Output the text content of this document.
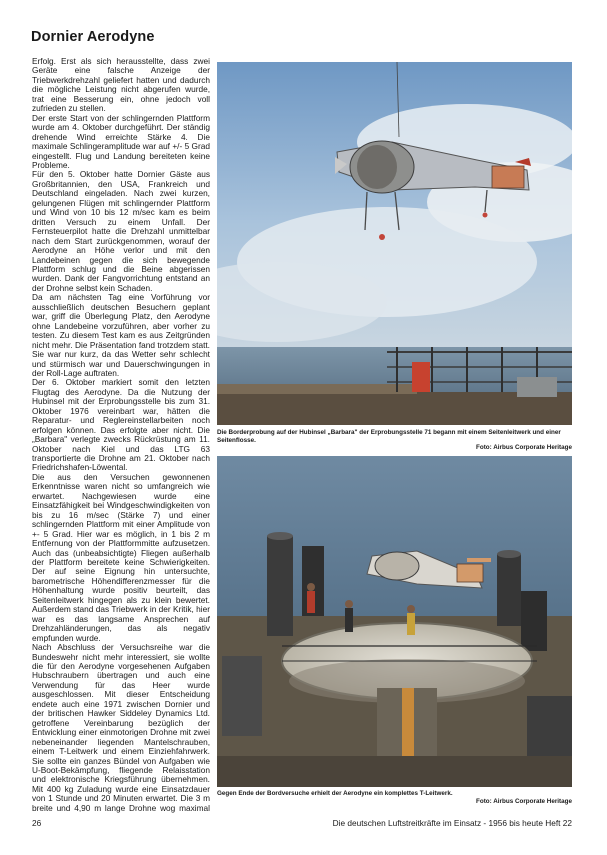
Dornier Aerodyne

Erfolg. Erst als sich herausstellte, dass zwei Geräte eine falsche Anzeige der Triebwerkdrehzahl geliefert hatten und dadurch die mögliche Leistung nicht abgerufen wurde, trat eine Besserung ein, ohne jedoch voll zufrieden zu stellen.

Der erste Start von der schlingernden Plattform wurde am 4. Oktober durchgeführt. Der ständig drehende Wind erreichte Stärke 4. Die maximale Schlingeramplitude war auf +/- 5 Grad eingestellt. Flug und Landung bereiteten keine Probleme.

Für den 5. Oktober hatte Dornier Gäste aus Großbritannien, den USA, Frankreich und Deutschland eingeladen. Nach zwei kurzen, gelungenen Flügen mit schlingernder Plattform und Wind von 10 bis 12 m/sec kam es beim dritten Versuch zu einem Unfall. Der Fernsteuerpilot hatte die Drehzahl unmittelbar nach dem Start zurückgenommen, worauf der Aerodyne an Höhe verlor und mit den Landebeinen gegen die sich bewegende Plattform schlug und die Beine abgerissen wurden. Dank der Fangvorrichtung entstand an der Drohne selbst kein Schaden.

Da am nächsten Tag eine Vorführung vor ausschließlich deutschen Besuchern geplant war, griff die Überlegung Platz, den Aerodyne ohne Landebeine vorzuführen, aber vorher zu testen. Zu diesem Test kam es aus Zeitgründen nicht mehr. Die Präsentation fand trotzdem statt. Sie war nur kurz, da das Wetter sehr schlecht und stürmisch war und Dauerschwingungen in der Roll-Lage auftraten.

Der 6. Oktober markiert somit den letzten Flugtag des Aerodyne. Da die Nutzung der Hubinsel mit der Erprobungsstelle bis zum 31. Oktober 1976 vereinbart war, hätten die Reparatur- und Reglereinstellarbeiten noch erfolgen können. Das erfolgte aber nicht. Die „Barbara" verlegte zwecks Rückrüstung am 11. Oktober nach Kiel und das LTG 63 transportierte die Drohne am 21. Oktober nach Friedrichshafen-Löwental.

Die aus den Versuchen gewonnenen Erkenntnisse waren nicht so umfangreich wie erwartet. Nachgewiesen wurde eine Einsatzfähigkeit bei Windgeschwindigkeiten von bis zu 16 m/sec (Stärke 7) und einer schlingernden Plattform mit einer Amplitude von +- 5 Grad. Hier war es möglich, in 1 bis 2 m Entfernung von der Plattformmitte aufzusetzen. Auch das (unbeabsichtigte) Fliegen außerhalb der Plattform bereitete keine Schwierigkeiten. Der auf seine Eignung hin untersuchte, barometrische Höhendifferenzmesser für die Höhenhaltung wurde positiv beurteilt, das Seitenleitwerk hingegen als zu klein bewertet. Außerdem stand das Triebwerk in der Kritik, hier war es das langsame Ansprechen auf Drehzahländerungen, das als negativ empfunden wurde.

Nach Abschluss der Versuchsreihe war die Bundeswehr nicht mehr interessiert, sie wollte die für den Aerodyne vorgesehenen Aufgaben Hubschraubern übertragen und auch eine Verwendung für das Heer wurde ausgeschlossen. Mit dieser Entscheidung endete auch eine 1971 zwischen Dornier und der britischen Hawker Siddeley Dynamics Ltd. getroffene Vereinbarung bezüglich der Entwicklung einer einmotorigen Drohne mit zwei nebeneinander liegenden Mantelschrauben, einem T-Leitwerk und einem Einziehfahrwerk. Sie sollte ein ganzes Bündel von Aufgaben wie U-Boot-Bekämpfung, fliegende Relaisstation und elektronische Kriegsführung übernehmen. Mit 400 kg Zuladung wurde eine Einsatzdauer von 1 Stunde und 20 Minuten erwartet. Die 3 m breite und 4,90 m lange Drohne wog maximal

Die Borderprobung auf der Hubinsel „Barbara" der Erprobungsstelle 71 begann mit einem Seitenleitwerk und einer Seitenflosse.
Foto: Airbus Corporate Heritage
Gegen Ende der Bordversuche erhielt der Aerodyne ein komplettes T-Leitwerk.
Foto: Airbus Corporate Heritage
26	Die deutschen Luftstreitkräfte im Einsatz - 1956 bis heute Heft 22
